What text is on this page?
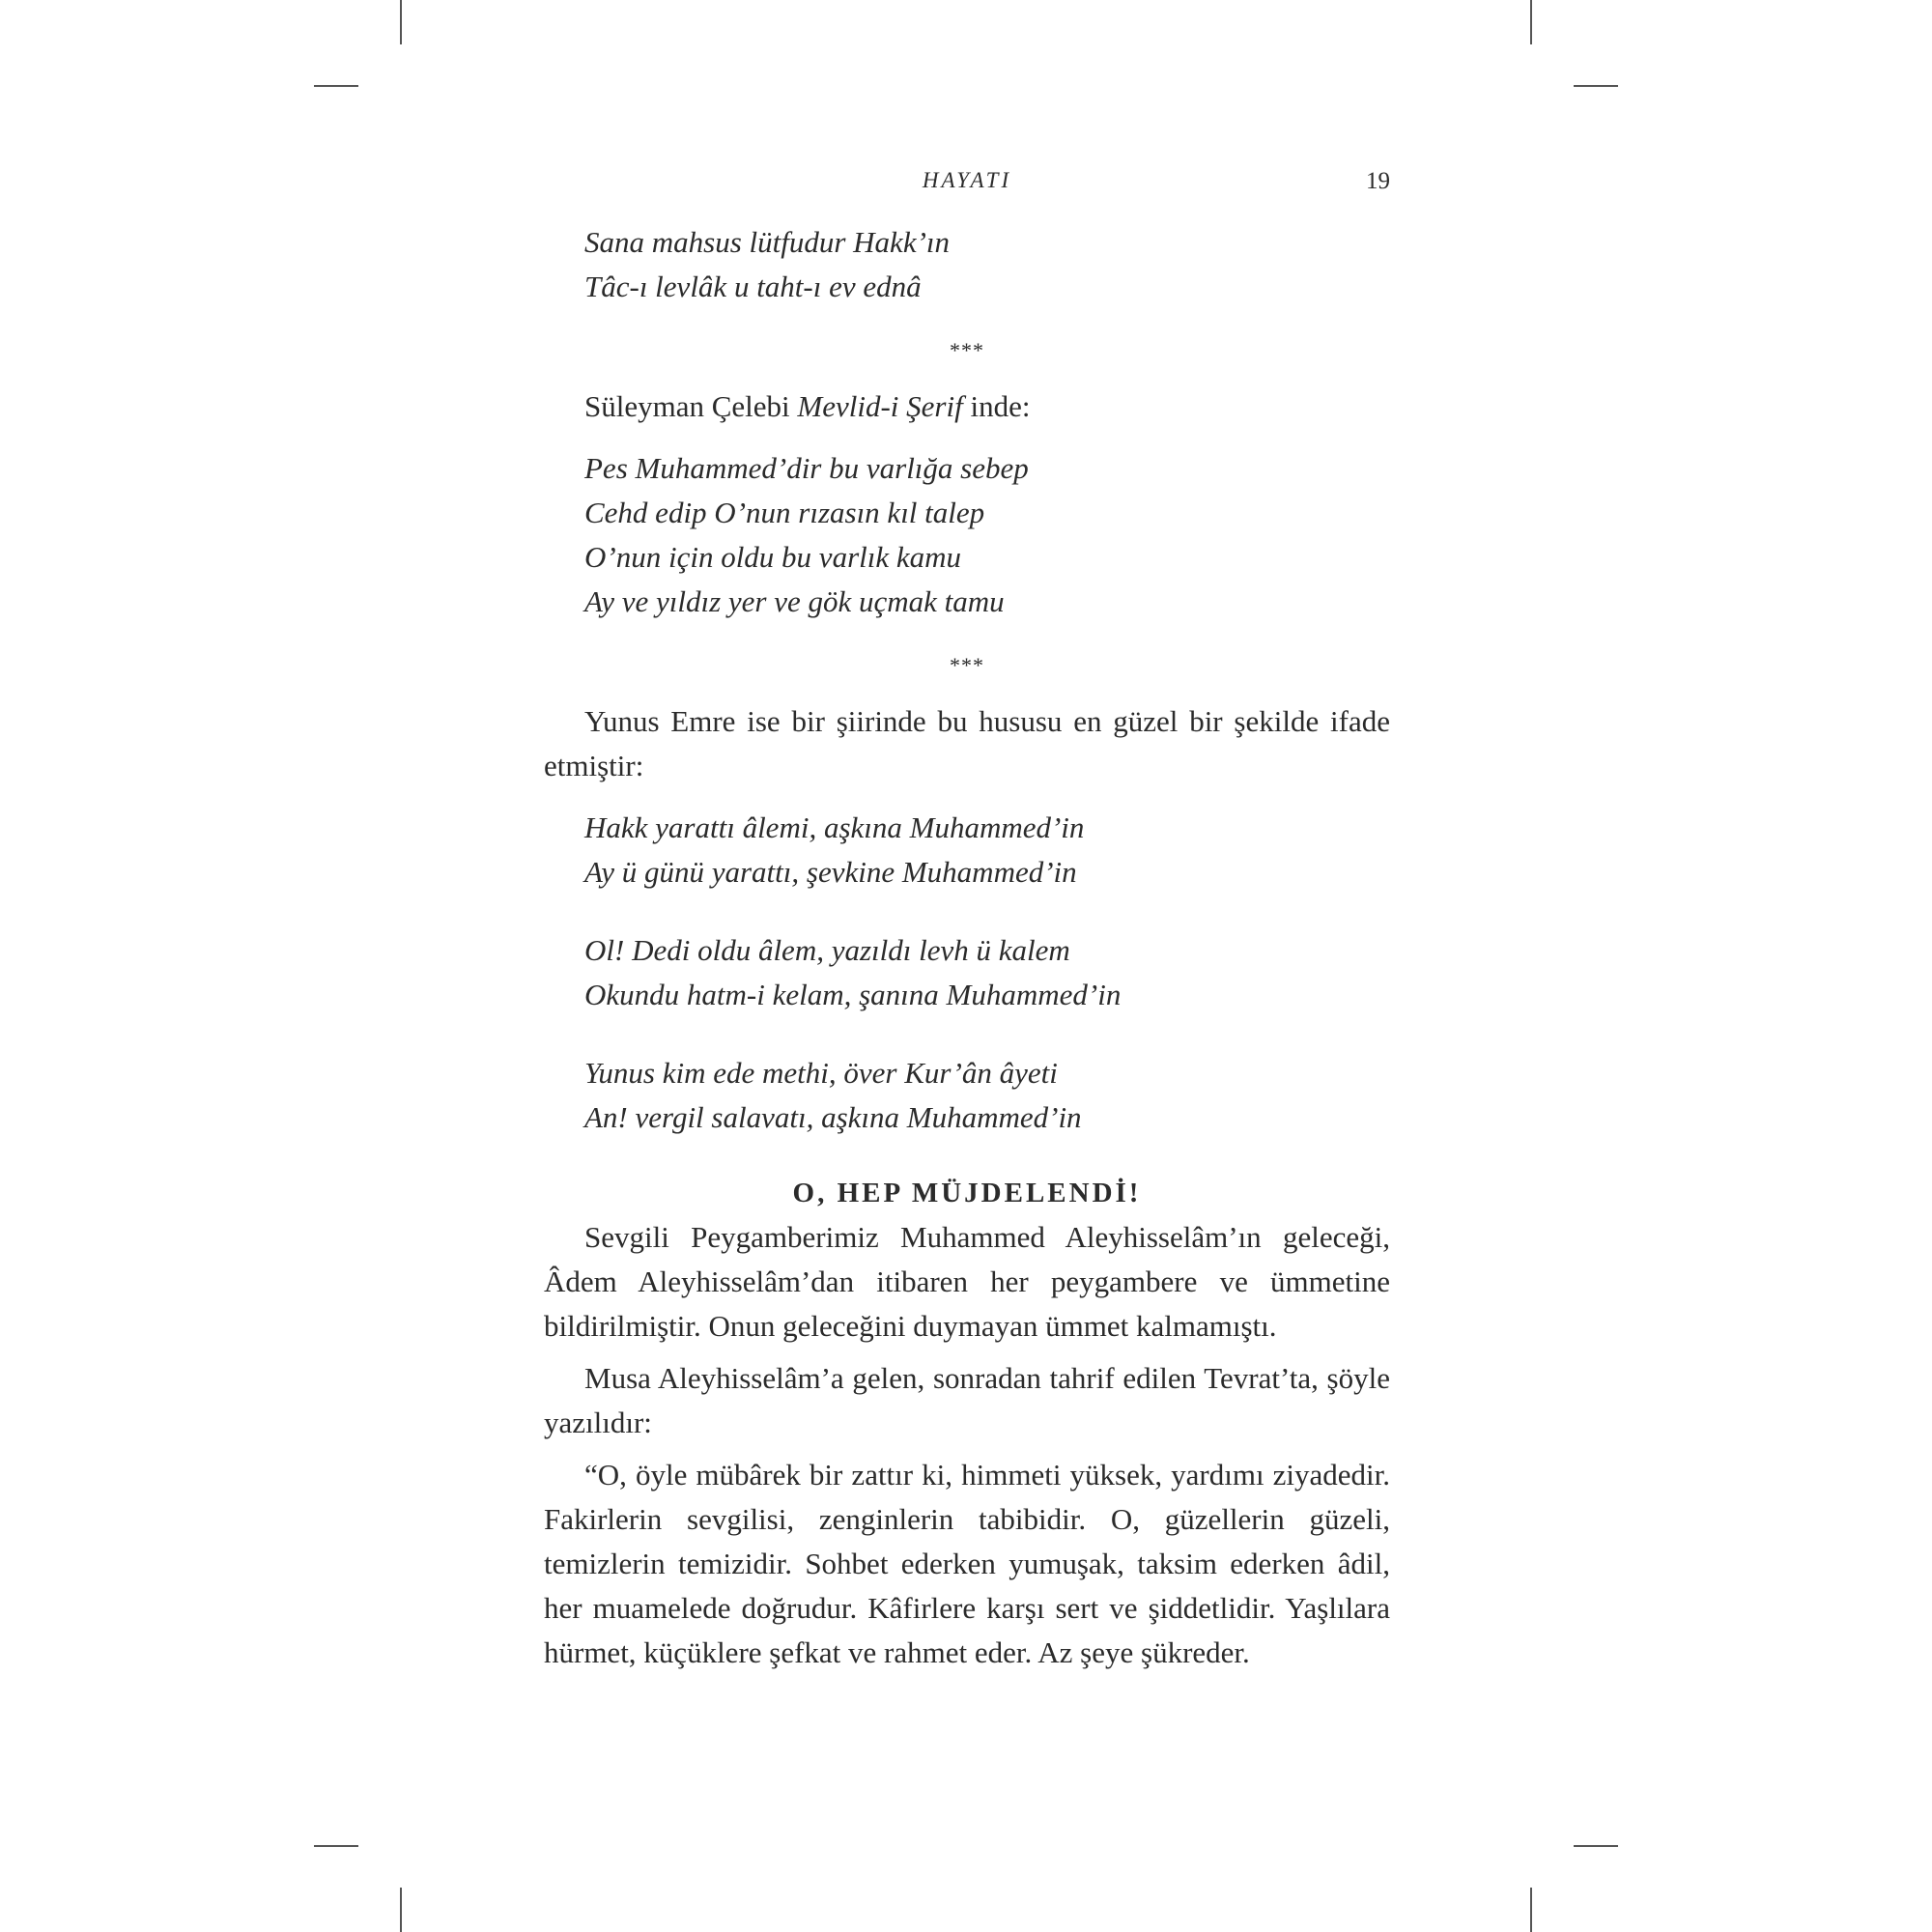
HAYATI	19
Sana mahsus lütfudur Hakk’ın
Tâc-ı levlâk u taht-ı ev ednâ
***

Süleyman Çelebi Mevlid-i Şerif inde:

Pes Muhammed’dir bu varlığa sebep
Cehd edip O’nun rızasın kıl talep
O’nun için oldu bu varlık kamu
Ay ve yıldız yer ve gök uçmak tamu
***

Yunus Emre ise bir şiirinde bu hususu en güzel bir şekilde ifade etmiştir:

Hakk yarattı âlemi, aşkına Muhammed’in
Ay ü günü yarattı, şevkine Muhammed’in
Ol! Dedi oldu âlem, yazıldı levh ü kalem
Okundu hatm-i kelam, şanına Muhammed’in
Yunus kim ede methi, över Kur’ân âyeti
An! vergil salavatı, aşkına Muhammed’in
O, HEP MÜJDELENDİ!

Sevgili Peygamberimiz Muhammed Aleyhisselâm’ın geleceği, Âdem Aleyhisselâm’dan itibaren her peygambere ve ümmetine bildirilmiştir. Onun geleceğini duymayan ümmet kalmamıştı.

Musa Aleyhisselâm’a gelen, sonradan tahrif edilen Tevrat’ta, şöyle yazılıdır:

“O, öyle mübârek bir zattır ki, himmeti yüksek, yardımı ziyadedir. Fakirlerin sevgilisi, zenginlerin tabibidir. O, güzellerin güzeli, temizlerin temizidir. Sohbet ederken yumuşak, taksim ederken âdil, her muamelede doğrudur. Kâfirlere karşı sert ve şiddetlidir. Yaşlılara hürmet, küçüklere şefkat ve rahmet eder. Az şeye şükreder.
